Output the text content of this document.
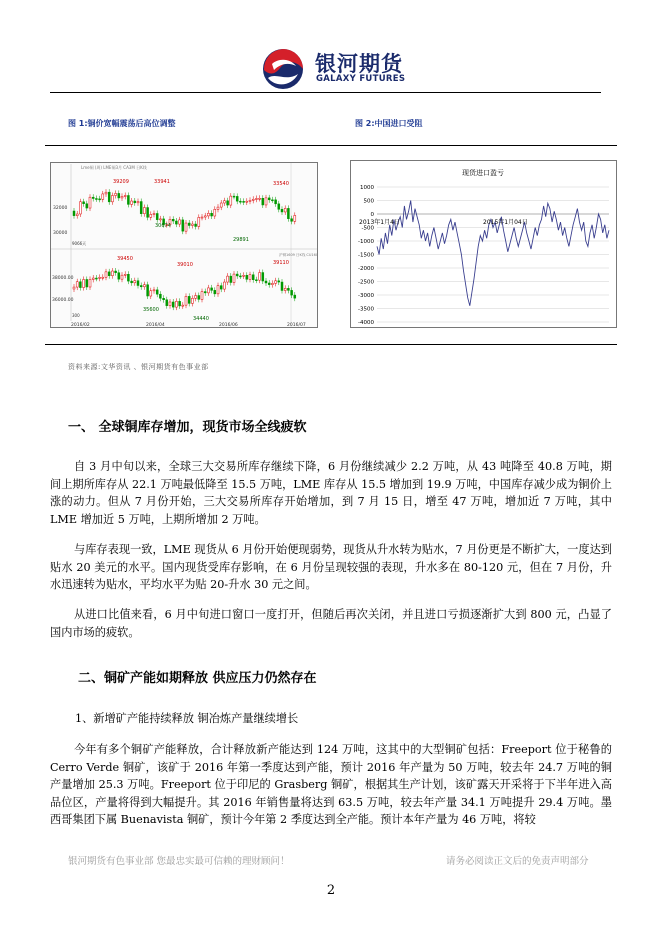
银河期货
GALAXY FUTURES
图 1:铜价宽幅震荡后高位调整	图 2:中国进口受阻
Lme铜 (周) LME铜3月 CA3M 日K线
沪铜1609 日K线 CU1609
39209	33941	33540
30674
29891
39450
39010	39110
35600
34440
32000
30000
9066天
38000.00
36000.00
300
2016/02	2016/04	2016/06	2016/07
现货进口盈亏
1000
500
0
-500
-1000
-1500
-2000
-2500
-3000
-3500
-4000
2013年1月4日	2015年1月04日
资料来源:文华资讯 、银河期货有色事业部
一、 全球铜库存增加，现货市场全线疲软

自 3 月中旬以来，全球三大交易所库存继续下降，6 月份继续减少 2.2 万吨，从 43 吨降至 40.8 万吨，期间上期所库存从 22.1 万吨最低降至 15.5 万吨，LME 库存从 15.5 增加到 19.9 万吨，中国库存减少成为铜价上涨的动力。但从 7 月份开始，三大交易所库存开始增加，到 7 月 15 日，增至 47 万吨，增加近 7 万吨，其中 LME 增加近 5 万吨，上期所增加 2 万吨。

与库存表现一致，LME 现货从 6 月份开始便现弱势，现货从升水转为贴水，7 月份更是不断扩大，一度达到贴水 20 美元的水平。国内现货受库存影响，在 6 月份呈现较强的表现，升水多在 80-120 元，但在 7 月份，升水迅速转为贴水，平均水平为贴 20-升水 30 元之间。

从进口比值来看，6 月中旬进口窗口一度打开，但随后再次关闭，并且进口亏损逐渐扩大到 800 元，凸显了国内市场的疲软。

二、铜矿产能如期释放 供应压力仍然存在
1、新增矿产能持续释放 铜冶炼产量继续增长

今年有多个铜矿产能释放，合计释放新产能达到 124 万吨，这其中的大型铜矿包括：Freeport 位于秘鲁的 Cerro Verde 铜矿，该矿于 2016 年第一季度达到产能，预计 2016 年产量为 50 万吨，较去年 24.7 万吨的铜产量增加 25.3 万吨。Freeport 位于印尼的 Grasberg 铜矿，根据其生产计划，该矿露天开采将于下半年进入高品位区，产量将得到大幅提升。其 2016 年销售量将达到 63.5 万吨，较去年产量 34.1 万吨提升 29.4 万吨。墨西哥集团下属 Buenavista 铜矿，预计今年第 2 季度达到全产能。预计本年产量为 46 万吨，将较

银河期货有色事业部 您最忠实最可信赖的理财顾问！	请务必阅读正文后的免责声明部分
2
